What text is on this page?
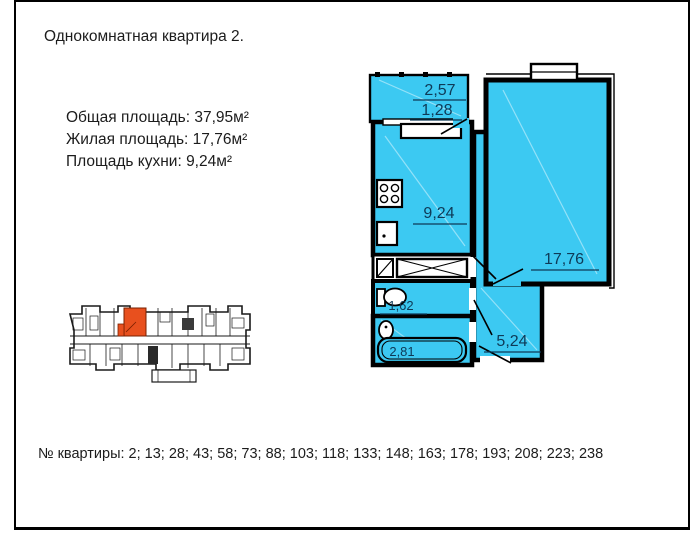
Однокомнатная квартира 2.
Общая площадь: 37,95м²
Жилая площадь: 17,76м²
Площадь кухни: 9,24м²
2,57
1,28
9,24
17,76
5,24
1,62
2,81
№ квартиры: 2; 13; 28; 43; 58; 73; 88; 103; 118; 133; 148; 163; 178; 193; 208; 223; 238
